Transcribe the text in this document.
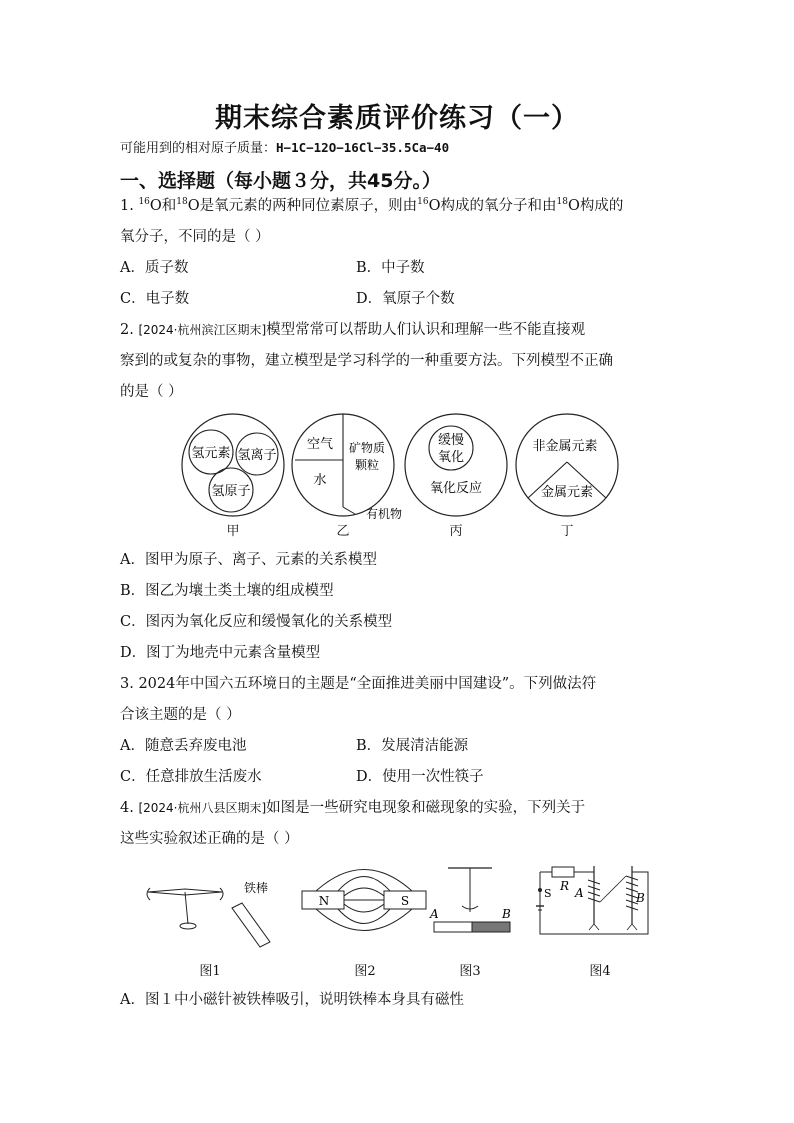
期末综合素质评价练习（一）
可能用到的相对原子质量：H−1C−12O−16Cl−35.5Ca−40
一、选择题（每小题３分，共45分。）
1. $^{16}$O和$^{18}$O是氧元素的两种同位素原子，则由$^{16}$O构成的氧分子和由$^{18}$O构成的
氧分子，不同的是（ ）
A．质子数	B．中子数
C．电子数	D．氧原子个数
2. [2024·杭州滨江区期末]模型常常可以帮助人们认识和理解一些不能直接观
察到的或复杂的事物，建立模型是学习科学的一种重要方法。下列模型不正确
的是（ ）
氢元素 氢离子
氢原子
甲
空气
水
矿物质
颗粒
有机物
乙
缓慢
氧化
氧化反应
丙
非金属元素
金属元素
丁
A．图甲为原子、离子、元素的关系模型
B．图乙为壤土类土壤的组成模型
C．图丙为氧化反应和缓慢氧化的关系模型
D．图丁为地壳中元素含量模型
3. 2024年中国六五环境日的主题是“全面推进美丽中国建设”。下列做法符
合该主题的是（ ）
A．随意丢弃废电池	B．发展清洁能源
C．任意排放生活废水	D．使用一次性筷子
4. [2024·杭州八县区期末]如图是一些研究电现象和磁现象的实验，下列关于
这些实验叙述正确的是（ ）
铁棒
图1
N	S
图2
A	B
图3
R
S A	B
图4
A．图１中小磁针被铁棒吸引，说明铁棒本身具有磁性
